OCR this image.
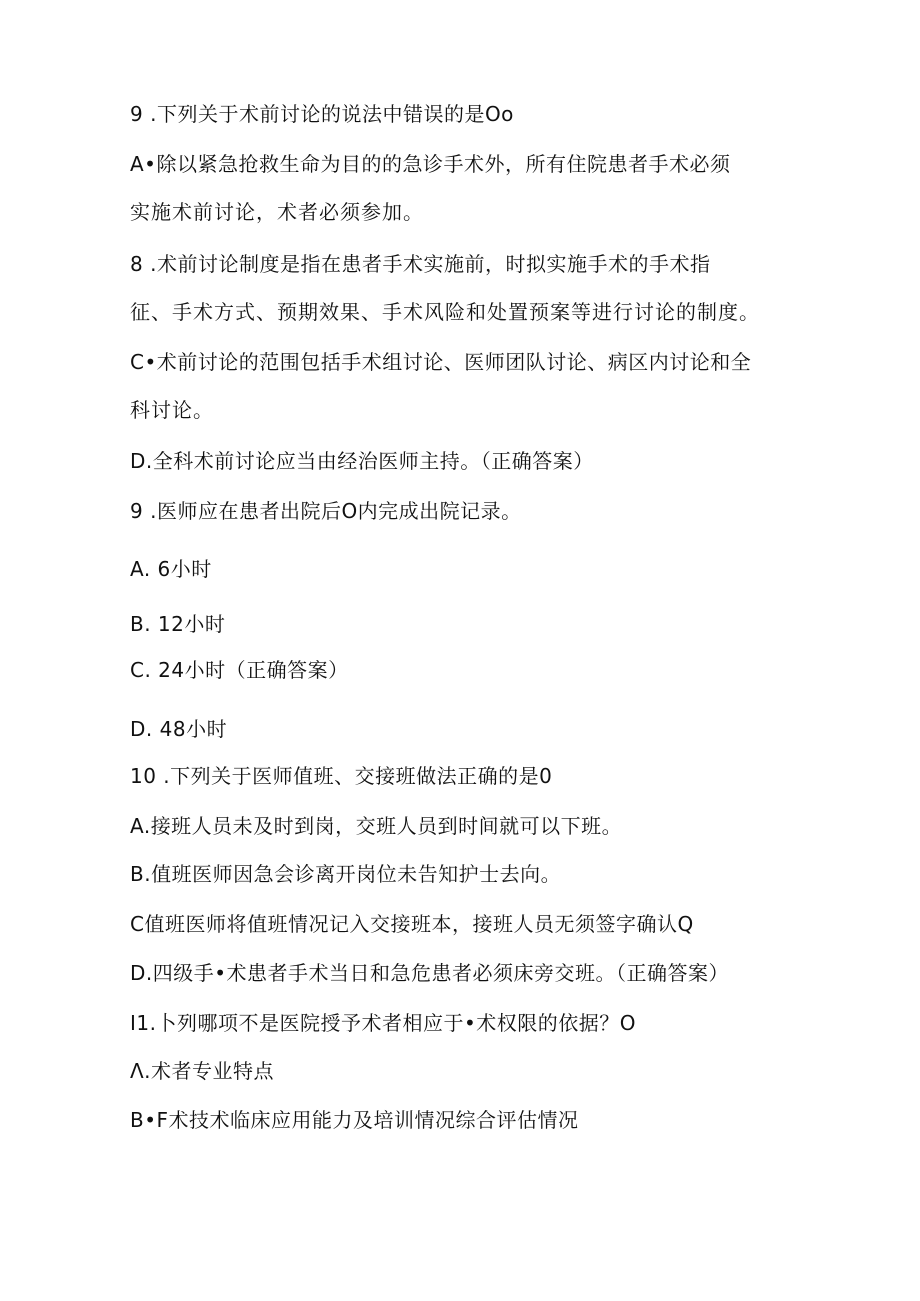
9 .下列关于术前讨论的说法中错误的是Oo
A•除以紧急抢救生命为目的的急诊手术外，所有住院患者手术必须
实施术前讨论，术者必须参加。
8 .术前讨论制度是指在患者手术实施前，时拟实施手术的手术指
征、手术方式、预期效果、手术风险和处置预案等进行讨论的制度。
C•术前讨论的范围包括手术组讨论、医师团队讨论、病区内讨论和全
科讨论。
D.全科术前讨论应当由经治医师主持。（正确答案）
9 .医师应在患者出院后O内完成出院记录。
A. 6小时
B. 12小时
C. 24小时（正确答案）
D. 48小时
10 .下列关于医师值班、交接班做法正确的是0
A.接班人员未及时到岗，交班人员到时间就可以下班。
B.值班医师因急会诊离开岗位未告知护士去向。
C值班医师将值班情况记入交接班本，接班人员无须签字确认Q
D.四级手•术患者手术当日和急危患者必须床旁交班。（正确答案）
I1.卜列哪项不是医院授予术者相应于•术权限的依据？O
Λ.术者专业特点
B•F术技术临床应用能力及培训情况综合评估情况
